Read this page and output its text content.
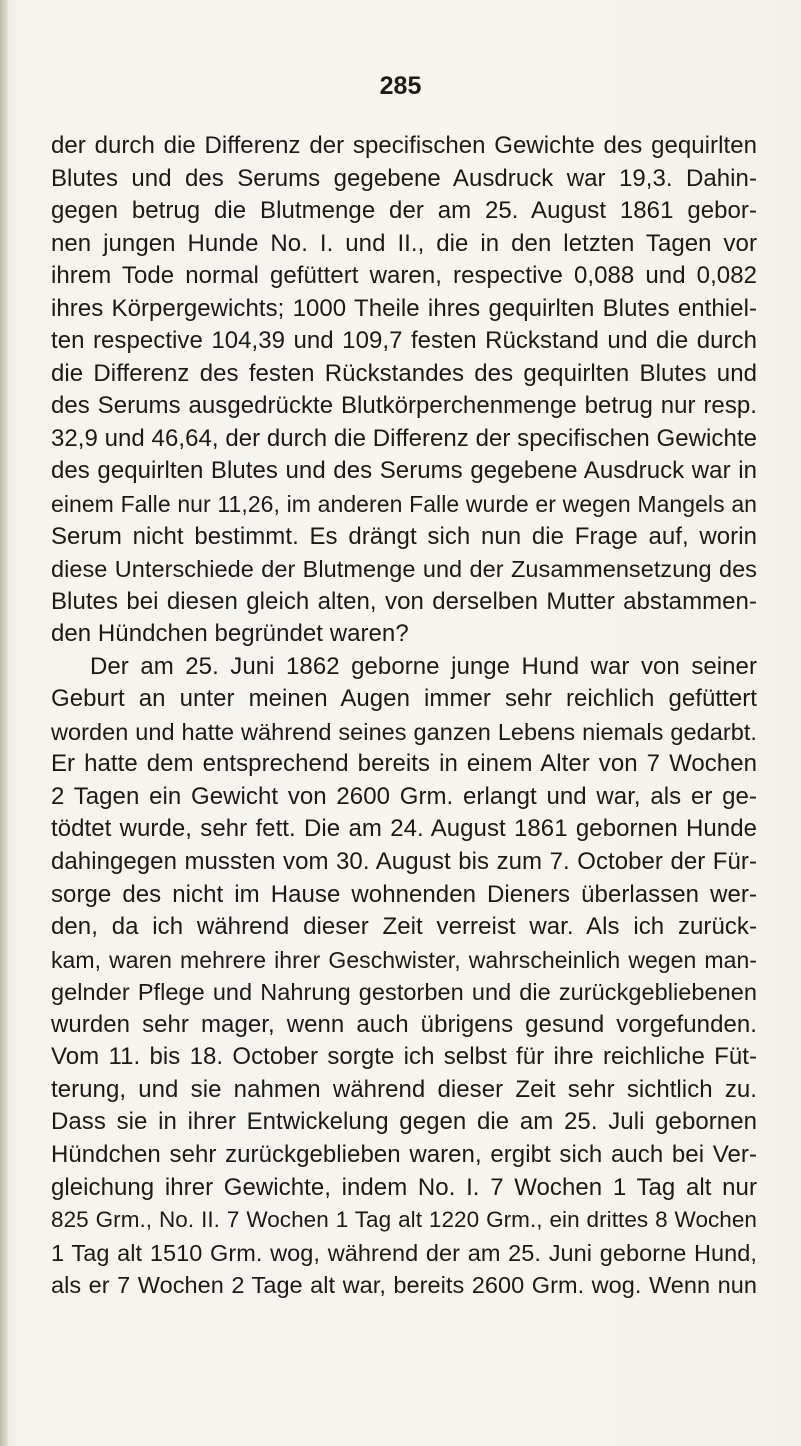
285
der durch die Differenz der specifischen Gewichte des gequirlten
Blutes und des Serums gegebene Ausdruck war 19,3. Dahin-
gegen betrug die Blutmenge der am 25. August 1861 gebor-
nen jungen Hunde No. I. und II., die in den letzten Tagen vor
ihrem Tode normal gefüttert waren, respective 0,088 und 0,082
ihres Körpergewichts; 1000 Theile ihres gequirlten Blutes enthiel-
ten respective 104,39 und 109,7 festen Rückstand und die durch
die Differenz des festen Rückstandes des gequirlten Blutes und
des Serums ausgedrückte Blutkörperchenmenge betrug nur resp.
32,9 und 46,64, der durch die Differenz der specifischen Gewichte
des gequirlten Blutes und des Serums gegebene Ausdruck war in
einem Falle nur 11,26, im anderen Falle wurde er wegen Mangels an
Serum nicht bestimmt. Es drängt sich nun die Frage auf, worin
diese Unterschiede der Blutmenge und der Zusammensetzung des
Blutes bei diesen gleich alten, von derselben Mutter abstammen-
den Hündchen begründet waren?
Der am 25. Juni 1862 geborne junge Hund war von seiner
Geburt an unter meinen Augen immer sehr reichlich gefüttert
worden und hatte während seines ganzen Lebens niemals gedarbt.
Er hatte dem entsprechend bereits in einem Alter von 7 Wochen
2 Tagen ein Gewicht von 2600 Grm. erlangt und war, als er ge-
tödtet wurde, sehr fett. Die am 24. August 1861 gebornen Hunde
dahingegen mussten vom 30. August bis zum 7. October der Für-
sorge des nicht im Hause wohnenden Dieners überlassen wer-
den, da ich während dieser Zeit verreist war. Als ich zurück-
kam, waren mehrere ihrer Geschwister, wahrscheinlich wegen man-
gelnder Pflege und Nahrung gestorben und die zurückgebliebenen
wurden sehr mager, wenn auch übrigens gesund vorgefunden.
Vom 11. bis 18. October sorgte ich selbst für ihre reichliche Füt-
terung, und sie nahmen während dieser Zeit sehr sichtlich zu.
Dass sie in ihrer Entwickelung gegen die am 25. Juli gebornen
Hündchen sehr zurückgeblieben waren, ergibt sich auch bei Ver-
gleichung ihrer Gewichte, indem No. I. 7 Wochen 1 Tag alt nur
825 Grm., No. II. 7 Wochen 1 Tag alt 1220 Grm., ein drittes 8 Wochen
1 Tag alt 1510 Grm. wog, während der am 25. Juni geborne Hund,
als er 7 Wochen 2 Tage alt war, bereits 2600 Grm. wog. Wenn nun
